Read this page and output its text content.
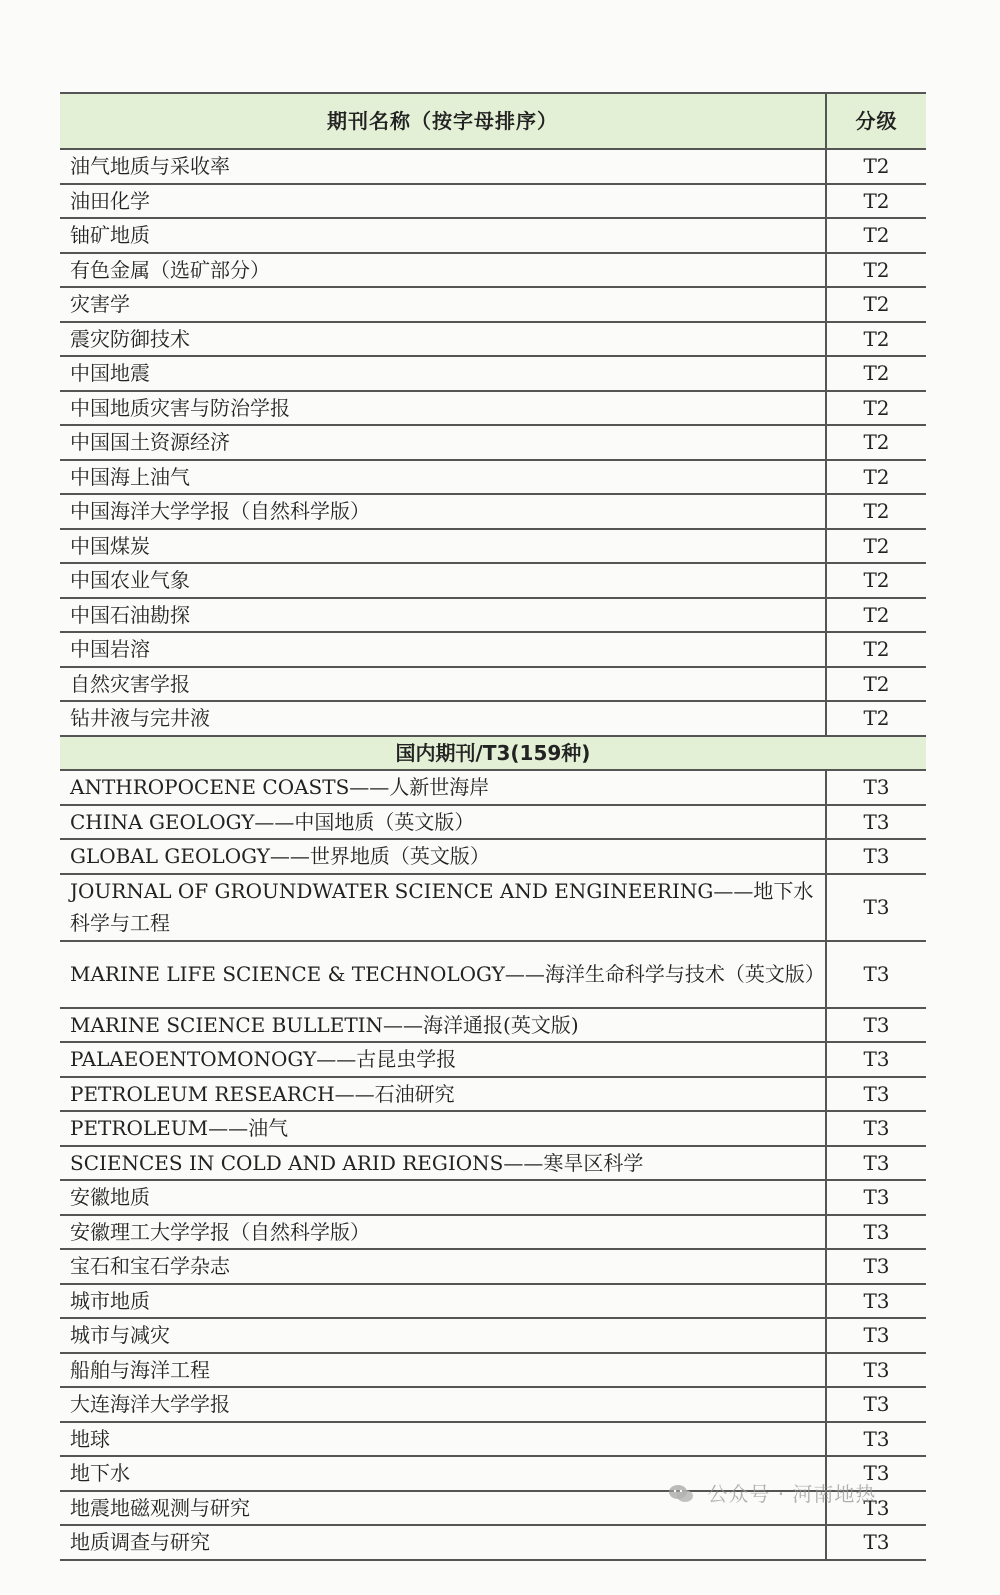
期刊名称（按字母排序）	分级
油气地质与采收率	T2
油田化学	T2
铀矿地质	T2
有色金属（选矿部分）	T2
灾害学	T2
震灾防御技术	T2
中国地震	T2
中国地质灾害与防治学报	T2
中国国土资源经济	T2
中国海上油气	T2
中国海洋大学学报（自然科学版）	T2
中国煤炭	T2
中国农业气象	T2
中国石油勘探	T2
中国岩溶	T2
自然灾害学报	T2
钻井液与完井液	T2
国内期刊/T3(159种)	
ANTHROPOCENE COASTS——人新世海岸	T3
CHINA GEOLOGY——中国地质（英文版）	T3
GLOBAL GEOLOGY——世界地质（英文版）	T3
JOURNAL OF GROUNDWATER SCIENCE AND ENGINEERING——地下水科学与工程	T3
MARINE LIFE SCIENCE & TECHNOLOGY——海洋生命科学与技术（英文版）	T3
MARINE SCIENCE BULLETIN——海洋通报(英文版)	T3
PALAEOENTOMONOGY——古昆虫学报	T3
PETROLEUM RESEARCH——石油研究	T3
PETROLEUM——油气	T3
SCIENCES IN COLD AND ARID REGIONS——寒旱区科学	T3
安徽地质	T3
安徽理工大学学报（自然科学版）	T3
宝石和宝石学杂志	T3
城市地质	T3
城市与减灾	T3
船舶与海洋工程	T3
大连海洋大学学报	T3
地球	T3
地下水	T3
地震地磁观测与研究	T3
地质调查与研究	T3
公众号 · 河南地热
